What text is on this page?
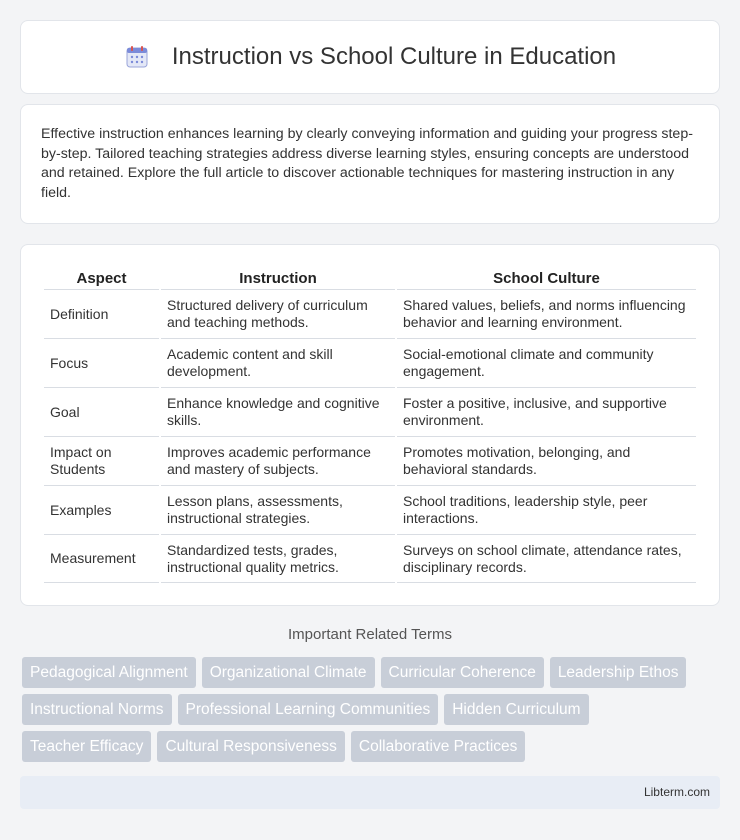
Instruction vs School Culture in Education

Effective instruction enhances learning by clearly conveying information and guiding your progress step-by-step. Tailored teaching strategies address diverse learning styles, ensuring concepts are understood and retained. Explore the full article to discover actionable techniques for mastering instruction in any field.

Aspect	Instruction	School Culture
Definition	Structured delivery of curriculum and teaching methods.	Shared values, beliefs, and norms influencing behavior and learning environment.
Focus	Academic content and skill development.	Social-emotional climate and community engagement.
Goal	Enhance knowledge and cognitive skills.	Foster a positive, inclusive, and supportive environment.
Impact on Students	Improves academic performance and mastery of subjects.	Promotes motivation, belonging, and behavioral standards.
Examples	Lesson plans, assessments, instructional strategies.	School traditions, leadership style, peer interactions.
Measurement	Standardized tests, grades, instructional quality metrics.	Surveys on school climate, attendance rates, disciplinary records.
Important Related Terms
Pedagogical Alignment	Organizational Climate	Curricular Coherence	Leadership Ethos
Instructional Norms	Professional Learning Communities	Hidden Curriculum
Teacher Efficacy	Cultural Responsiveness	Collaborative Practices
Libterm.com
